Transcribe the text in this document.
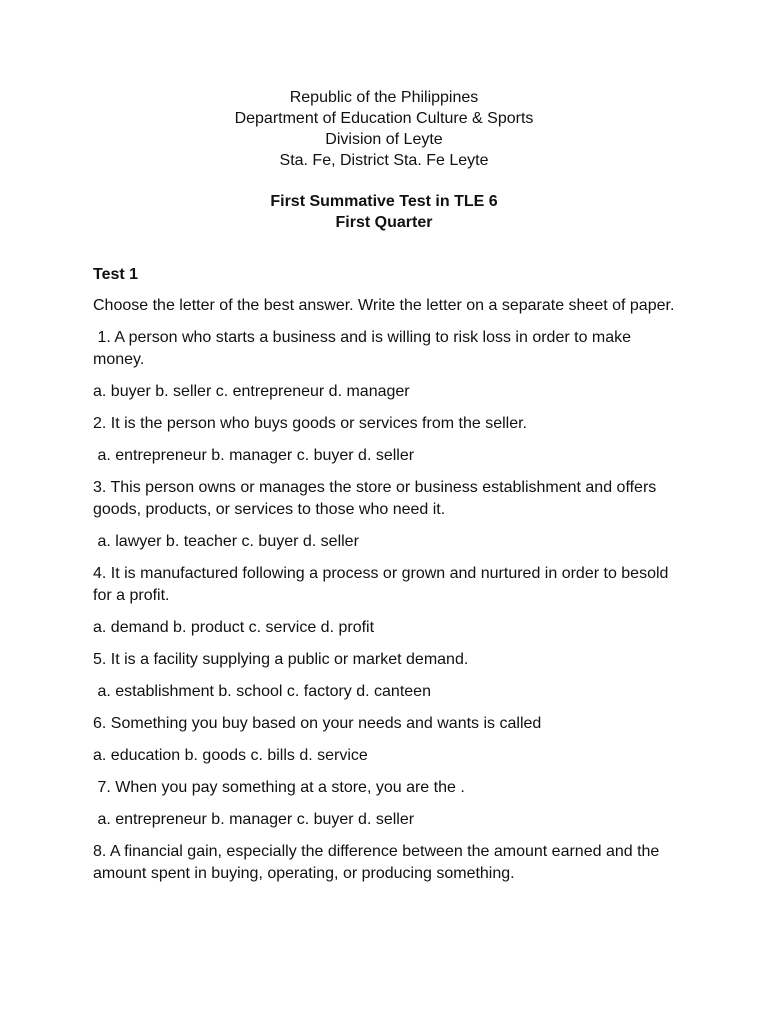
Republic of the Philippines
Department of Education Culture & Sports
Division of Leyte
Sta. Fe, District Sta. Fe Leyte
First Summative Test in TLE 6
First Quarter
Test 1
Choose the letter of the best answer. Write the letter on a separate sheet of paper.
1. A person who starts a business and is willing to risk loss in order to make money.
a. buyer b. seller c. entrepreneur d. manager
2. It is the person who buys goods or services from the seller.
a. entrepreneur b. manager c. buyer d. seller
3. This person owns or manages the store or business establishment and offers goods, products, or services to those who need it.
a. lawyer b. teacher c. buyer d. seller
4. It is manufactured following a process or grown and nurtured in order to besold for a profit.
a. demand b. product c. service d. profit
5. It is a facility supplying a public or market demand.
a. establishment b. school c. factory d. canteen
6. Something you buy based on your needs and wants is called
a. education b. goods c. bills d. service
7. When you pay something at a store, you are the .
a. entrepreneur b. manager c. buyer d. seller
8. A financial gain, especially the difference between the amount earned and the amount spent in buying, operating, or producing something.
